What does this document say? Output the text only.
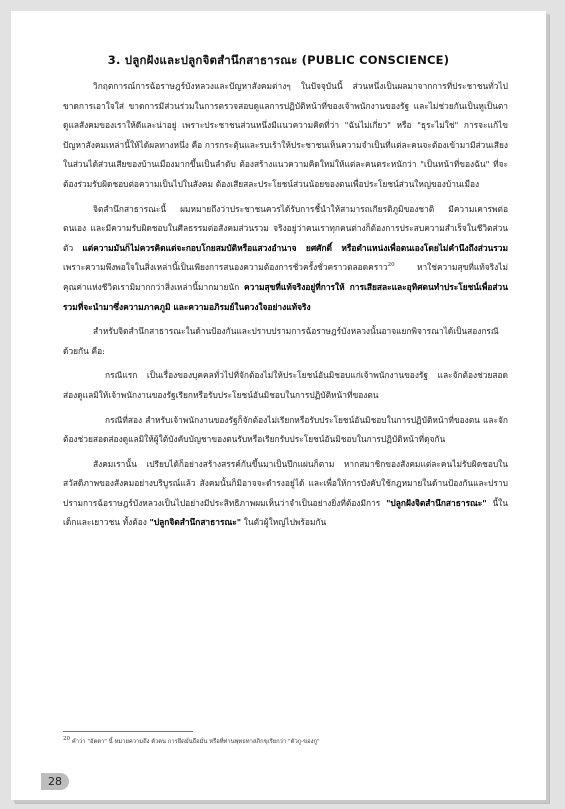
3. ปลูกฝังและปลูกจิตสำนึกสาธารณะ (PUBLIC CONSCIENCE)

วิกฤตการณ์การฉ้อราษฎร์บังหลวงและปัญหาสังคมต่างๆ ในปัจจุบันนี้ ส่วนหนึ่งเป็นผลมาจากการที่ประชาชนทั่วไปขาดการเอาใจใส่ ขาดการมีส่วนร่วมในการตรวจสอบดูแลการปฏิบัติหน้าที่ของเจ้าพนักงานของรัฐ และไม่ช่วยกันเป็นหูเป็นตาดูแลสังคมของเราให้ดีและน่าอยู่ เพราะประชาชนส่วนหนึ่งมีแนวความคิดที่ว่า "ฉันไม่เกี่ยว" หรือ "ธุระไม่ใช่" การจะแก้ไขปัญหาสังคมเหล่านี้ให้ได้ผลทางหนึ่ง คือ การกระตุ้นและรบเร้าให้ประชาชนเห็นความจำเป็นที่แต่ละคนจะต้องเข้ามามีส่วนเสียงในส่วนได้ส่วนเสียของบ้านเมืองมากขึ้นเป็นลำดับ ต้องสร้างแนวความคิดใหม่ให้แต่ละคนตระหนักว่า "เป็นหน้าที่ของฉัน" ที่จะต้องร่วมรับผิดชอบต่อความเป็นไปในสังคม ต้องเสียสละประโยชน์ส่วนน้อยของตนเพื่อประโยชน์ส่วนใหญ่ของบ้านเมือง

จิตสำนึกสาธารณะนี้ ผมหมายถึงว่าประชาชนควรได้รับการชี้นำให้สามารถเกียรติภูมิของชาติ มีความเคารพต่อตนเอง และมีความรับผิดชอบในศีลธรรมต่อสังคมส่วนรวม จริงอยู่ว่าคนเราทุกคนต่างก็ต้องการประสบความสำเร็จในชีวิตส่วนตัว แต่ความมันก็ไม่ควรคิดแต่จะกอบโกยสมบัติหรือแสวงอำนาจ ยศศักดิ์ หรือตำแหน่งเพื่อตนเองโดยไม่คำนึงถึงส่วนรวม เพราะความพึงพอใจในสิ่งเหล่านี้เป็นเพียงการสนองความต้องการชั่วครั้งชั่วคราวตลอดคราว$^{20}$ หาใช่ความสุขที่แท้จริงไม่ คุณค่าแห่งชีวิตเรามิมากกว่าสิ่งเหล่านี้มากมายนัก ความสุขที่แท้จริงอยู่ที่การให้ การเสียสละและอุทิศตนทำประโยชน์เพื่อส่วนรวมที่จะนำมาซึ่งความภาคภูมิ และความอภิรมย์ในดวงใจอย่างแท้จริง

สำหรับจิตสำนึกสาธารณะในด้านป้องกันและปราบปรามการฉ้อราษฎร์บังหลวงนั้นอาจแยกพิจารณาได้เป็นสองกรณีด้วยกัน คือ:

กรณีแรก เป็นเรื่องของบุคคลทั่วไปที่จักต้องไม่ให้ประโยชน์อันมิชอบแก่เจ้าพนักงานของรัฐ และจักต้องช่วยสอดส่องดูแลมิให้เจ้าพนักงานของรัฐเรียกหรือรับประโยชน์อันมิชอบในการปฏิบัติหน้าที่ของตน

กรณีที่สอง สำหรับเจ้าพนักงานของรัฐก็จักต้องไม่เรียกหรือรับประโยชน์อันมิชอบในการปฏิบัติหน้าที่ของตน และจักต้องช่วยสอดส่องดูแลมิให้ผู้ใต้บังคับบัญชาของตนรับหรือเรียกรับประโยชน์อันมิชอบในการปฏิบัติหน้าที่ดุจกัน

สังคมเรานั้น เปรียบได้ก็อย่างสร้างสรรค์กันขึ้นมาเป็นปึกแผ่นก็ตาม หากสมาชิกของสังคมแต่ละคนไม่รับผิดชอบในสวัสดิภาพของสังคมอย่างบริบูรณ์แล้ว สังคมนั้นก็มิอาจจะดำรงอยู่ได้ และเพื่อให้การบังคับใช้กฎหมายในด้านป้องกันและปราบปรามการฉ้อราษฎร์บังหลวงเป็นไปอย่างมีประสิทธิภาพผมเห็นว่าจำเป็นอย่างยิ่งที่ต้องมีการ "ปลูกฝังจิตสำนึกสาธารณะ" นี้ในเด็กและเยาวชน ทั้งต้อง "ปลูกจิตสำนึกสาธารณะ" ในตัวผู้ใหญ่ไปพร้อมกัน

$^{20}$ คำว่า "อัตตา" นี้ หมายความถึง ตัวตน การยึดมั่นถือมั่น หรือที่ท่านพุทธทาสภิกขุเรียกว่า "ตัวกู-ของกู"
28
